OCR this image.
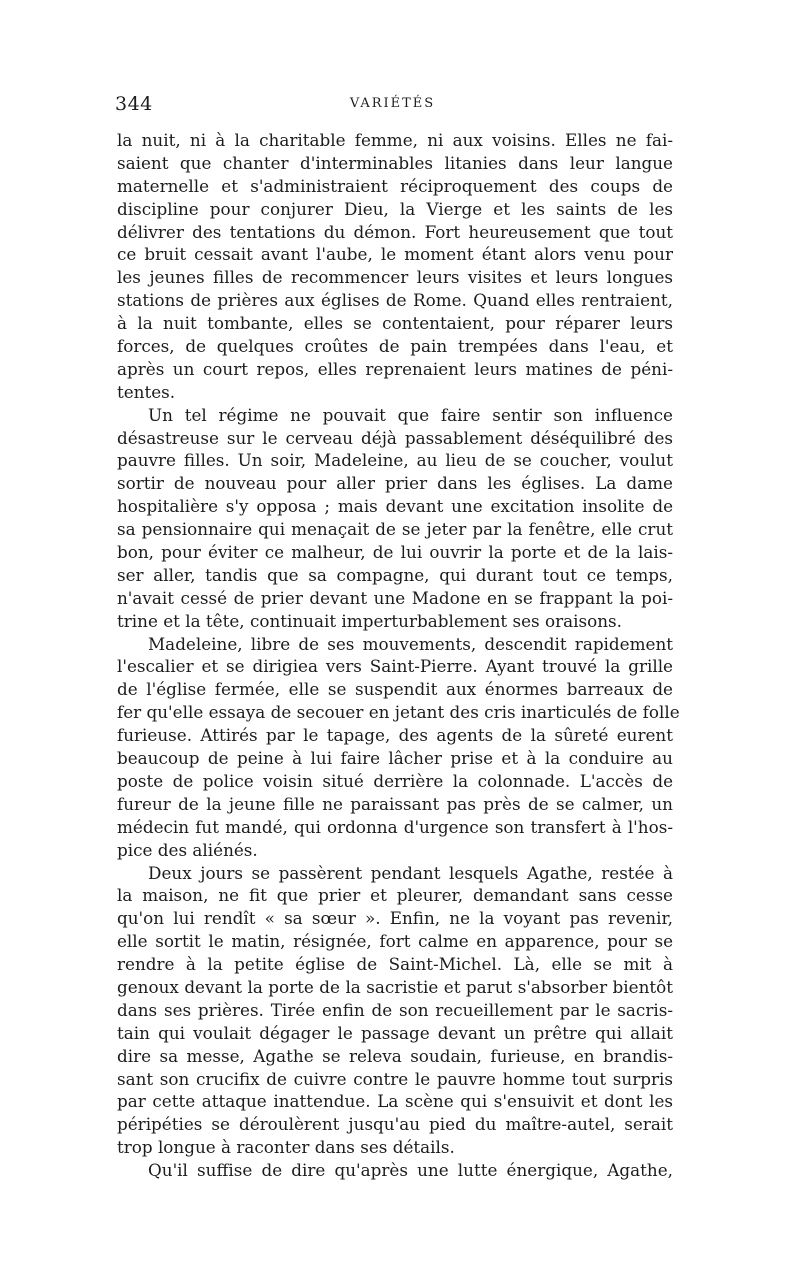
344	VARIÉTÉS
la nuit, ni à la charitable femme, ni aux voisins. Elles ne fai-
saient que chanter d'interminables litanies dans leur langue
maternelle et s'administraient réciproquement des coups de
discipline pour conjurer Dieu, la Vierge et les saints de les
délivrer des tentations du démon. Fort heureusement que tout
ce bruit cessait avant l'aube, le moment étant alors venu pour
les jeunes filles de recommencer leurs visites et leurs longues
stations de prières aux églises de Rome. Quand elles rentraient,
à la nuit tombante, elles se contentaient, pour réparer leurs
forces, de quelques croûtes de pain trempées dans l'eau, et
après un court repos, elles reprenaient leurs matines de péni-
tentes.
Un tel régime ne pouvait que faire sentir son influence
désastreuse sur le cerveau déjà passablement déséquilibré des
pauvre filles. Un soir, Madeleine, au lieu de se coucher, voulut
sortir de nouveau pour aller prier dans les églises. La dame
hospitalière s'y opposa ; mais devant une excitation insolite de
sa pensionnaire qui menaçait de se jeter par la fenêtre, elle crut
bon, pour éviter ce malheur, de lui ouvrir la porte et de la lais-
ser aller, tandis que sa compagne, qui durant tout ce temps,
n'avait cessé de prier devant une Madone en se frappant la poi-
trine et la tête, continuait imperturbablement ses oraisons.
Madeleine, libre de ses mouvements, descendit rapidement
l'escalier et se dirigiea vers Saint-Pierre. Ayant trouvé la grille
de l'église fermée, elle se suspendit aux énormes barreaux de
fer qu'elle essaya de secouer en jetant des cris inarticulés de folle
furieuse. Attirés par le tapage, des agents de la sûreté eurent
beaucoup de peine à lui faire lâcher prise et à la conduire au
poste de police voisin situé derrière la colonnade. L'accès de
fureur de la jeune fille ne paraissant pas près de se calmer, un
médecin fut mandé, qui ordonna d'urgence son transfert à l'hos-
pice des aliénés.
Deux jours se passèrent pendant lesquels Agathe, restée à
la maison, ne fit que prier et pleurer, demandant sans cesse
qu'on lui rendît « sa sœur ». Enfin, ne la voyant pas revenir,
elle sortit le matin, résignée, fort calme en apparence, pour se
rendre à la petite église de Saint-Michel. Là, elle se mit à
genoux devant la porte de la sacristie et parut s'absorber bientôt
dans ses prières. Tirée enfin de son recueillement par le sacris-
tain qui voulait dégager le passage devant un prêtre qui allait
dire sa messe, Agathe se releva soudain, furieuse, en brandis-
sant son crucifix de cuivre contre le pauvre homme tout surpris
par cette attaque inattendue. La scène qui s'ensuivit et dont les
péripéties se déroulèrent jusqu'au pied du maître-autel, serait
trop longue à raconter dans ses détails.
Qu'il suffise de dire qu'après une lutte énergique, Agathe,
